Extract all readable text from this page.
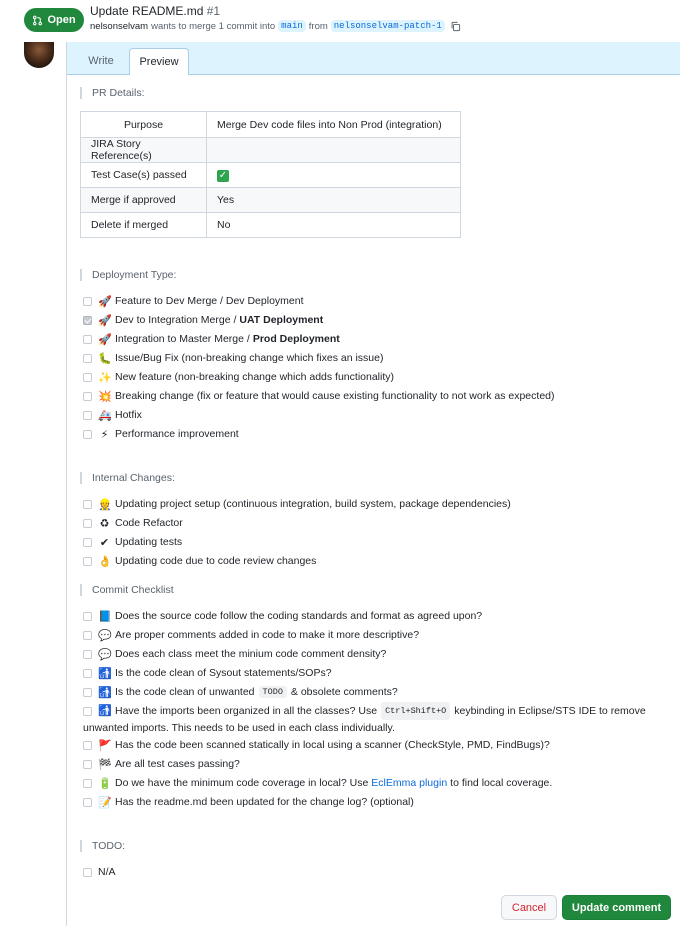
Open
Update README.md #1
nelsonselvam wants to merge 1 commit into main from nelsonselvam-patch-1
Write	Preview
PR Details:
Purpose	Merge Dev code files into Non Prod (integration)
JIRA Story Reference(s)	
Test Case(s) passed	✓
Merge if approved	Yes
Delete if merged	No
Deployment Type:
🚀 Feature to Dev Merge / Dev Deployment
🚀 Dev to Integration Merge / UAT Deployment
🚀 Integration to Master Merge / Prod Deployment
🐛 Issue/Bug Fix (non-breaking change which fixes an issue)
✨ New feature (non-breaking change which adds functionality)
💥 Breaking change (fix or feature that would cause existing functionality to not work as expected)
🚑 Hotfix
⚡ Performance improvement
Internal Changes:
👷 Updating project setup (continuous integration, build system, package dependencies)
♻ Code Refactor
✔ Updating tests
👌 Updating code due to code review changes
Commit Checklist
📘 Does the source code follow the coding standards and format as agreed upon?
💬 Are proper comments added in code to make it more descriptive?
💬 Does each class meet the minium code comment density?
🚮 Is the code clean of Sysout statements/SOPs?
🚮 Is the code clean of unwanted TODO & obsolete comments?
🚮 Have the imports been organized in all the classes? Use Ctrl+Shift+O keybinding in Eclipse/STS IDE to remove
unwanted imports. This needs to be used in each class individually.
🚩 Has the code been scanned statically in local using a scanner (CheckStyle, PMD, FindBugs)?
🏁 Are all test cases passing?
🔋 Do we have the minimum code coverage in local? Use EclEmma plugin to find local coverage.
📝 Has the readme.md been updated for the change log? (optional)
TODO:
N/A
Cancel	Update comment
